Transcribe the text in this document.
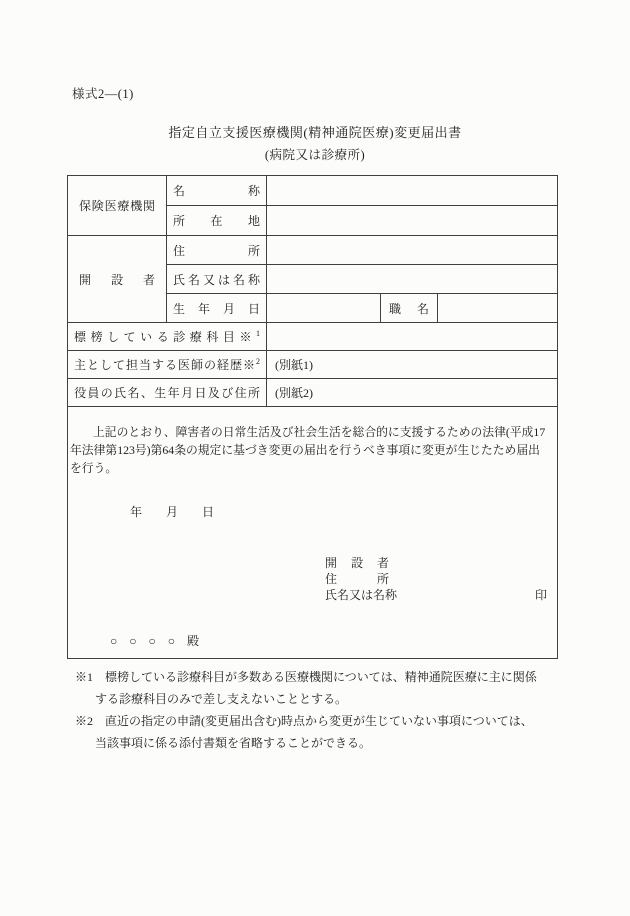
様式2―(1)
指定自立支援医療機関(精神通院医療)変更届出書
(病院又は診療所)
保険医療機関	名称			
	所在地			
開設者	住所			
	氏名又は名称			
	生年月日		職名	
標榜している診療科目※$^1$	
主として担当する医師の経歴※$^2$		(別紙1)		
役員の氏名、生年月日及び住所		(別紙2)		

上記のとおり、障害者の日常生活及び社会生活を総合的に支援するための法律(平成17年法律第123号)第64条の規定に基づき変更の届出を行うべき事項に変更が生じたため届出を行う。

年　　月　　日
開設者
住所
氏名又は名称	印
○　○　○　○　殿

※1　標榜している診療科目が多数ある医療機関については、精神通院医療に主に関係する診療科目のみで差し支えないこととする。

※2　直近の指定の申請(変更届出含む)時点から変更が生じていない事項については、当該事項に係る添付書類を省略することができる。
